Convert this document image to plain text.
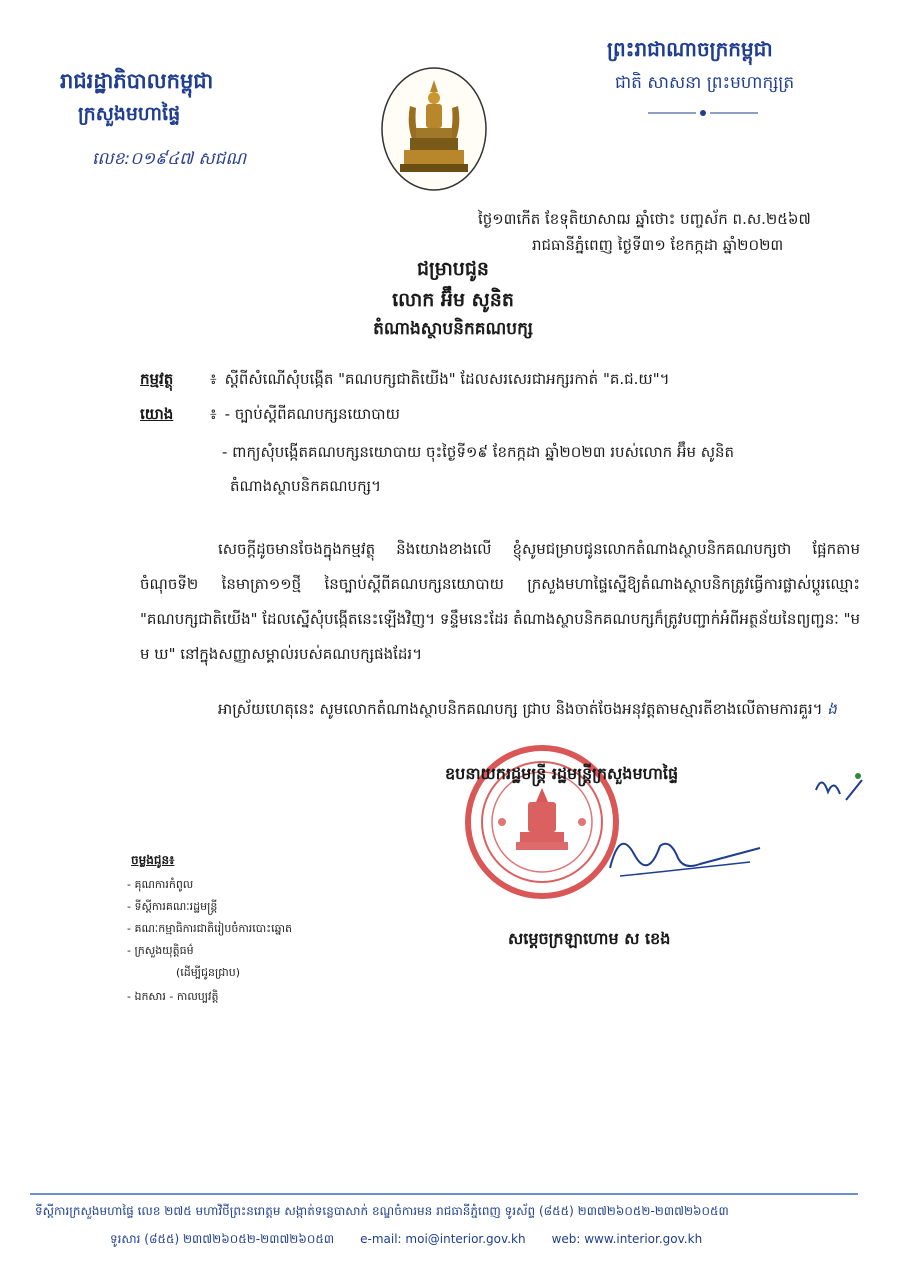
រាជរដ្ឋាភិបាលកម្ពុជា
ក្រសួងមហាផ្ទៃ
លេខ:០១៩៤៧ សជណ
ព្រះរាជាណាចក្រកម្ពុជា
ជាតិ សាសនា ព្រះមហាក្សត្រ
ថ្ងៃ១៣កើត ខែទុតិយាសាឍ ឆ្នាំថោះ បញ្ចស័ក ព.ស.២៥៦៧
រាជធានីភ្នំពេញ ថ្ងៃទី៣១ ខែកក្កដា ឆ្នាំ២០២៣
ជម្រាបជូន
លោក អ៊ឹម សូនិត
តំណាងស្ថាបនិកគណបក្ស
កម្មវត្ថុ ៖ ស្តីពីសំណើសុំបង្កើត "គណបក្សជាតិយើង" ដែលសរសេរជាអក្សរកាត់ "គ.ជ.យ"។
យោង ៖ - ច្បាប់ស្តីពីគណបក្សនយោបាយ
- ពាក្យសុំបង្កើតគណបក្សនយោបាយ ចុះថ្ងៃទី១៩ ខែកក្កដា ឆ្នាំ២០២៣ របស់លោក អ៊ឹម សូនិត
តំណាងស្ថាបនិកគណបក្ស។
សេចក្តីដូចមានចែងក្នុងកម្មវត្ថុ និងយោងខាងលើ ខ្ញុំសូមជម្រាបជូនលោកតំណាងស្ថាបនិកគណបក្សថា ផ្អែកតាមចំណុចទី២ នៃមាត្រា១១ថ្មី នៃច្បាប់ស្តីពីគណបក្សនយោបាយ ក្រសួងមហាផ្ទៃស្នើឱ្យតំណាងស្ថាបនិកត្រូវធ្វើការផ្លាស់ប្តូរឈ្មោះ "គណបក្សជាតិយើង" ដែលស្នើសុំបង្កើតនេះឡើងវិញ។ ទន្ទឹមនេះដែរ តំណាងស្ថាបនិកគណបក្សក៏ត្រូវបញ្ជាក់អំពីអត្ថន័យនៃព្យញ្ជនៈ "ម ម ឃ" នៅក្នុងសញ្ញាសម្គាល់របស់គណបក្សផងដែរ។
អាស្រ័យហេតុនេះ សូមលោកតំណាងស្ថាបនិកគណបក្ស ជ្រាប និងចាត់ចែងអនុវត្តតាមស្មារតីខាងលើតាមការគួរ។ ង
ឧបនាយករដ្ឋមន្ត្រី រដ្ឋមន្ត្រីក្រសួងមហាផ្ទៃ
សម្តេចក្រឡាហោម ស ខេង
ចម្លងជូន៖
- គុណការកំពូល
- ទីស្តីការគណៈរដ្ឋមន្ត្រី
- គណៈកម្មាធិការជាតិរៀបចំការបោះឆ្នោត
- ក្រសួងយុត្តិធម៌
(ដើម្បីជូនជ្រាប)
- ឯកសារ - កាលប្បវត្តិ
ទីស្តីការក្រសួងមហាផ្ទៃ លេខ ២៧៥ មហាវិថីព្រះនរោត្តម សង្កាត់ទន្លេបាសាក់ ខណ្ឌចំការមន រាជធានីភ្នំពេញ ទូរស័ព្ទ (៨៥៥) ២៣៧២៦០៥២-២៣៧២៦០៥៣
ទូរសារ (៨៥៥) ២៣៧២៦០៥២-២៣៧២៦០៥៣ e-mail: moi@interior.gov.kh web: www.interior.gov.kh
